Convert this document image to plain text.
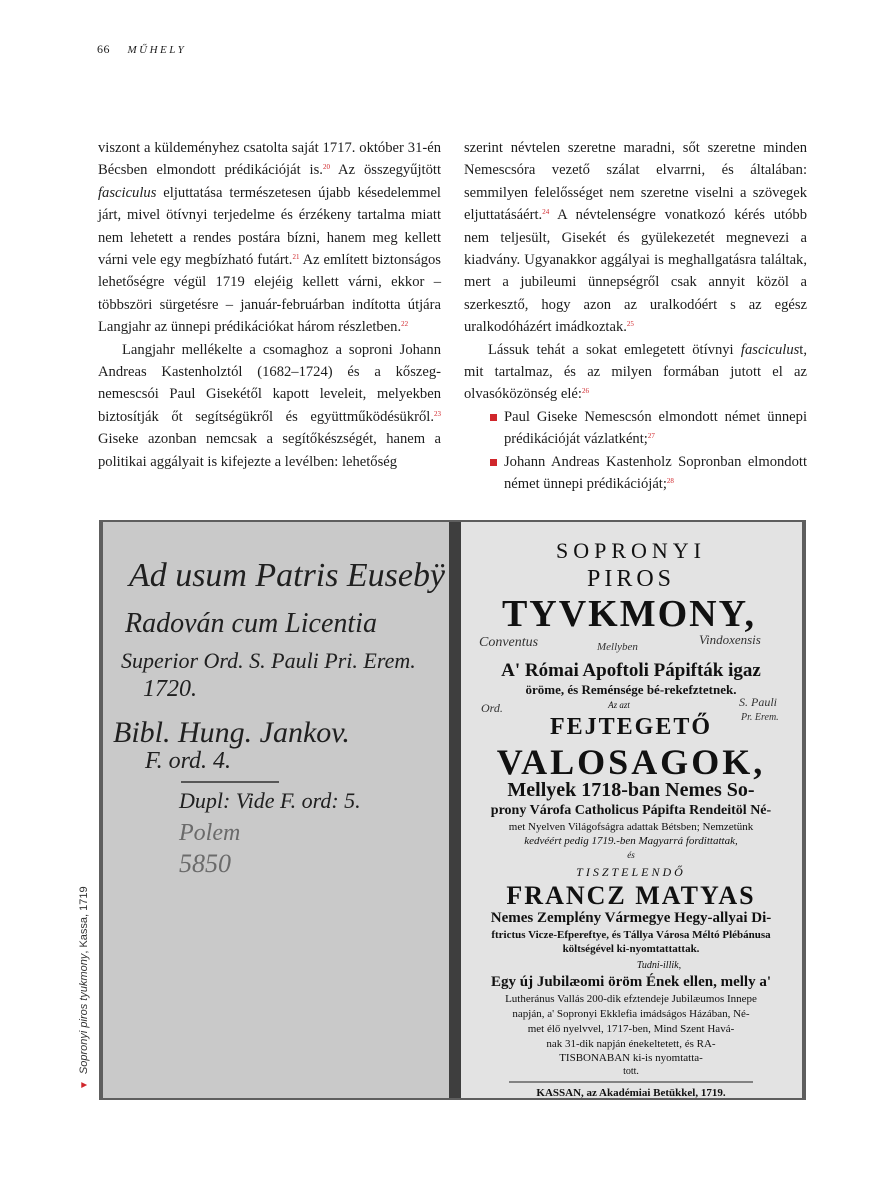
66 MŰHELY

viszont a küldeményhez csatolta saját 1717. október 31-én Bécsben elmondott prédikációját is.$^{20}$ Az összegyűjtött fasciculus eljuttatása természetesen újabb késedelemmel járt, mivel ötívnyi terjedelme és érzékeny tartalma miatt nem lehetett a rendes postára bízni, hanem meg kellett várni vele egy megbízható futárt.$^{21}$ Az említett biztonságos lehetőségre végül 1719 elejéig kellett várni, ekkor – többszöri sürgetésre – január-februárban indította útjára Langjahr az ünnepi prédikációkat három részletben.$^{22}$

Langjahr mellékelte a csomaghoz a soproni Johann Andreas Kastenholztól (1682–1724) és a kőszeg-nemescsói Paul Gisekétől kapott leveleit, melyekben biztosítják őt segítségükről és együttműködésükről.$^{23}$ Giseke azonban nemcsak a segítőkészségét, hanem a politikai aggályait is kifejezte a levélben: lehetőség

szerint névtelen szeretne maradni, sőt szeretne minden Nemescsóra vezető szálat elvarrni, és általában: semmilyen felelősséget nem szeretne viselni a szövegek eljuttatásáért.$^{24}$ A névtelenségre vonatkozó kérés utóbb nem teljesült, Gisekét és gyülekezetét megnevezi a kiadvány. Ugyanakkor aggályai is meghallgatásra találtak, mert a jubileumi ünnepségről csak annyit közöl a szerkesztő, hogy azon az uralkodóért s az egész uralkodóházért imádkoztak.$^{25}$

Lássuk tehát a sokat emlegetett ötívnyi fasciculust, mit tartalmaz, és az milyen formában jutott el az olvasóközönség elé:$^{26}$

Paul Giseke Nemescsón elmondott német ünnepi prédikációját vázlatként;$^{27}$
Johann Andreas Kastenholz Sopronban elmondott német ünnepi prédikációját;$^{28}$
Ad usum Patris Eusebÿ
Radován cum Licentia
Superior Ord. S. Pauli Pri. Erem.
1720.
Bibl. Hung. Jankov.
F. ord. 4.
Dupl: Vide F. ord: 5.
Polem
5850
SOPRONYI
PIROS
TYVKMONY,
A' Római Apoftoli Pápifták igaz
öröme, és Reménsége bé-rekefztetnek.
Az azt
FEJTEGETŐ
VALOSAGOK,
Mellyek 1718-ban Nemes So-
prony Várofa Catholicus Pápifta Rendeitöl Né-
met Nyelven Világofságra adattak Bétsben; Nemzetünk
kedvéért pedig 1719.-ben Magyarrá fordittattak,
és
TISZTELENDŐ
FRANCZ MATYAS
Nemes Zemplény Vármegye Hegy-allyai Di-
ftrictus Vicze-Efpereftye, és Tállya Városa Méltó Plébánusa
költségével ki-nyomtattattak.
Tudni-illik,
Egy új Jubilæomi öröm Ének ellen, melly a'
Lutheránus Vallás 200-dik efztendeje Jubilæumos Innepe
napján, a' Sopronyi Ekklefia imádságos Házában, Né-
met élő nyelvvel, 1717-ben, Mind Szent Havá-
nak 31-dik napján énekeltetett, és RA-
TISBONABAN ki-is nyomtatta-
tott.
KASSAN, az Akadémiai Betükkel, 1719.
Conventus	Mellyben	Vindoxensis
Ord.	S. Pauli
Pr. Erem.
▼Sopronyi piros tyukmony, Kassa, 1719
